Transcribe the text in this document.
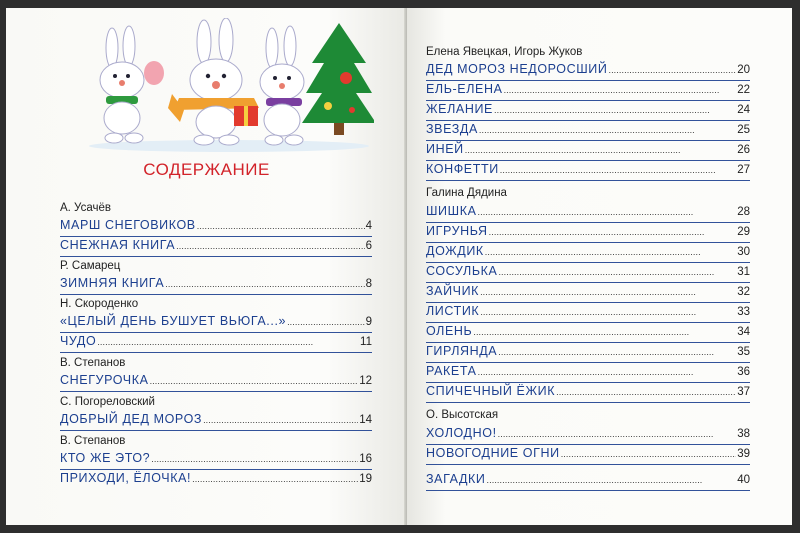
СОДЕРЖАНИЕ
А. Усачёв
МАРШ СНЕГОВИКОВ . . .	4
СНЕЖНАЯ КНИГА . . .	6
Р. Самарец
ЗИМНЯЯ КНИГА . . .	8
Н. Скороденко
«ЦЕЛЫЙ ДЕНЬ БУШУЕТ ВЬЮГА...» . . .	9
ЧУДО . . .	11
В. Степанов
СНЕГУРОЧКА . . .	12
С. Погореловский
ДОБРЫЙ ДЕД МОРОЗ . . .	14
В. Степанов
КТО ЖЕ ЭТО? . . .	16
ПРИХОДИ, ЁЛОЧКА! . . .	19
Елена Явецкая, Игорь Жуков
ДЕД МОРОЗ НЕДОРОСШИЙ . . .	20
ЕЛЬ-ЕЛЕНА . . .	22
ЖЕЛАНИЕ . . .	24
ЗВЕЗДА . . .	25
ИНЕЙ . . .	26
КОНФЕТТИ . . .	27
Галина Дядина
ШИШКА . . .	28
ИГРУНЬЯ . . .	29
ДОЖДИК . . .	30
СОСУЛЬКА . . .	31
ЗАЙЧИК . . .	32
ЛИСТИК . . .	33
ОЛЕНЬ . . .	34
ГИРЛЯНДА . . .	35
РАКЕТА . . .	36
СПИЧЕЧНЫЙ ЁЖИК . . .	37
О. Высотская
ХОЛОДНО! . . .	38
НОВОГОДНИЕ ОГНИ . . .	39
ЗАГАДКИ . . .	40
